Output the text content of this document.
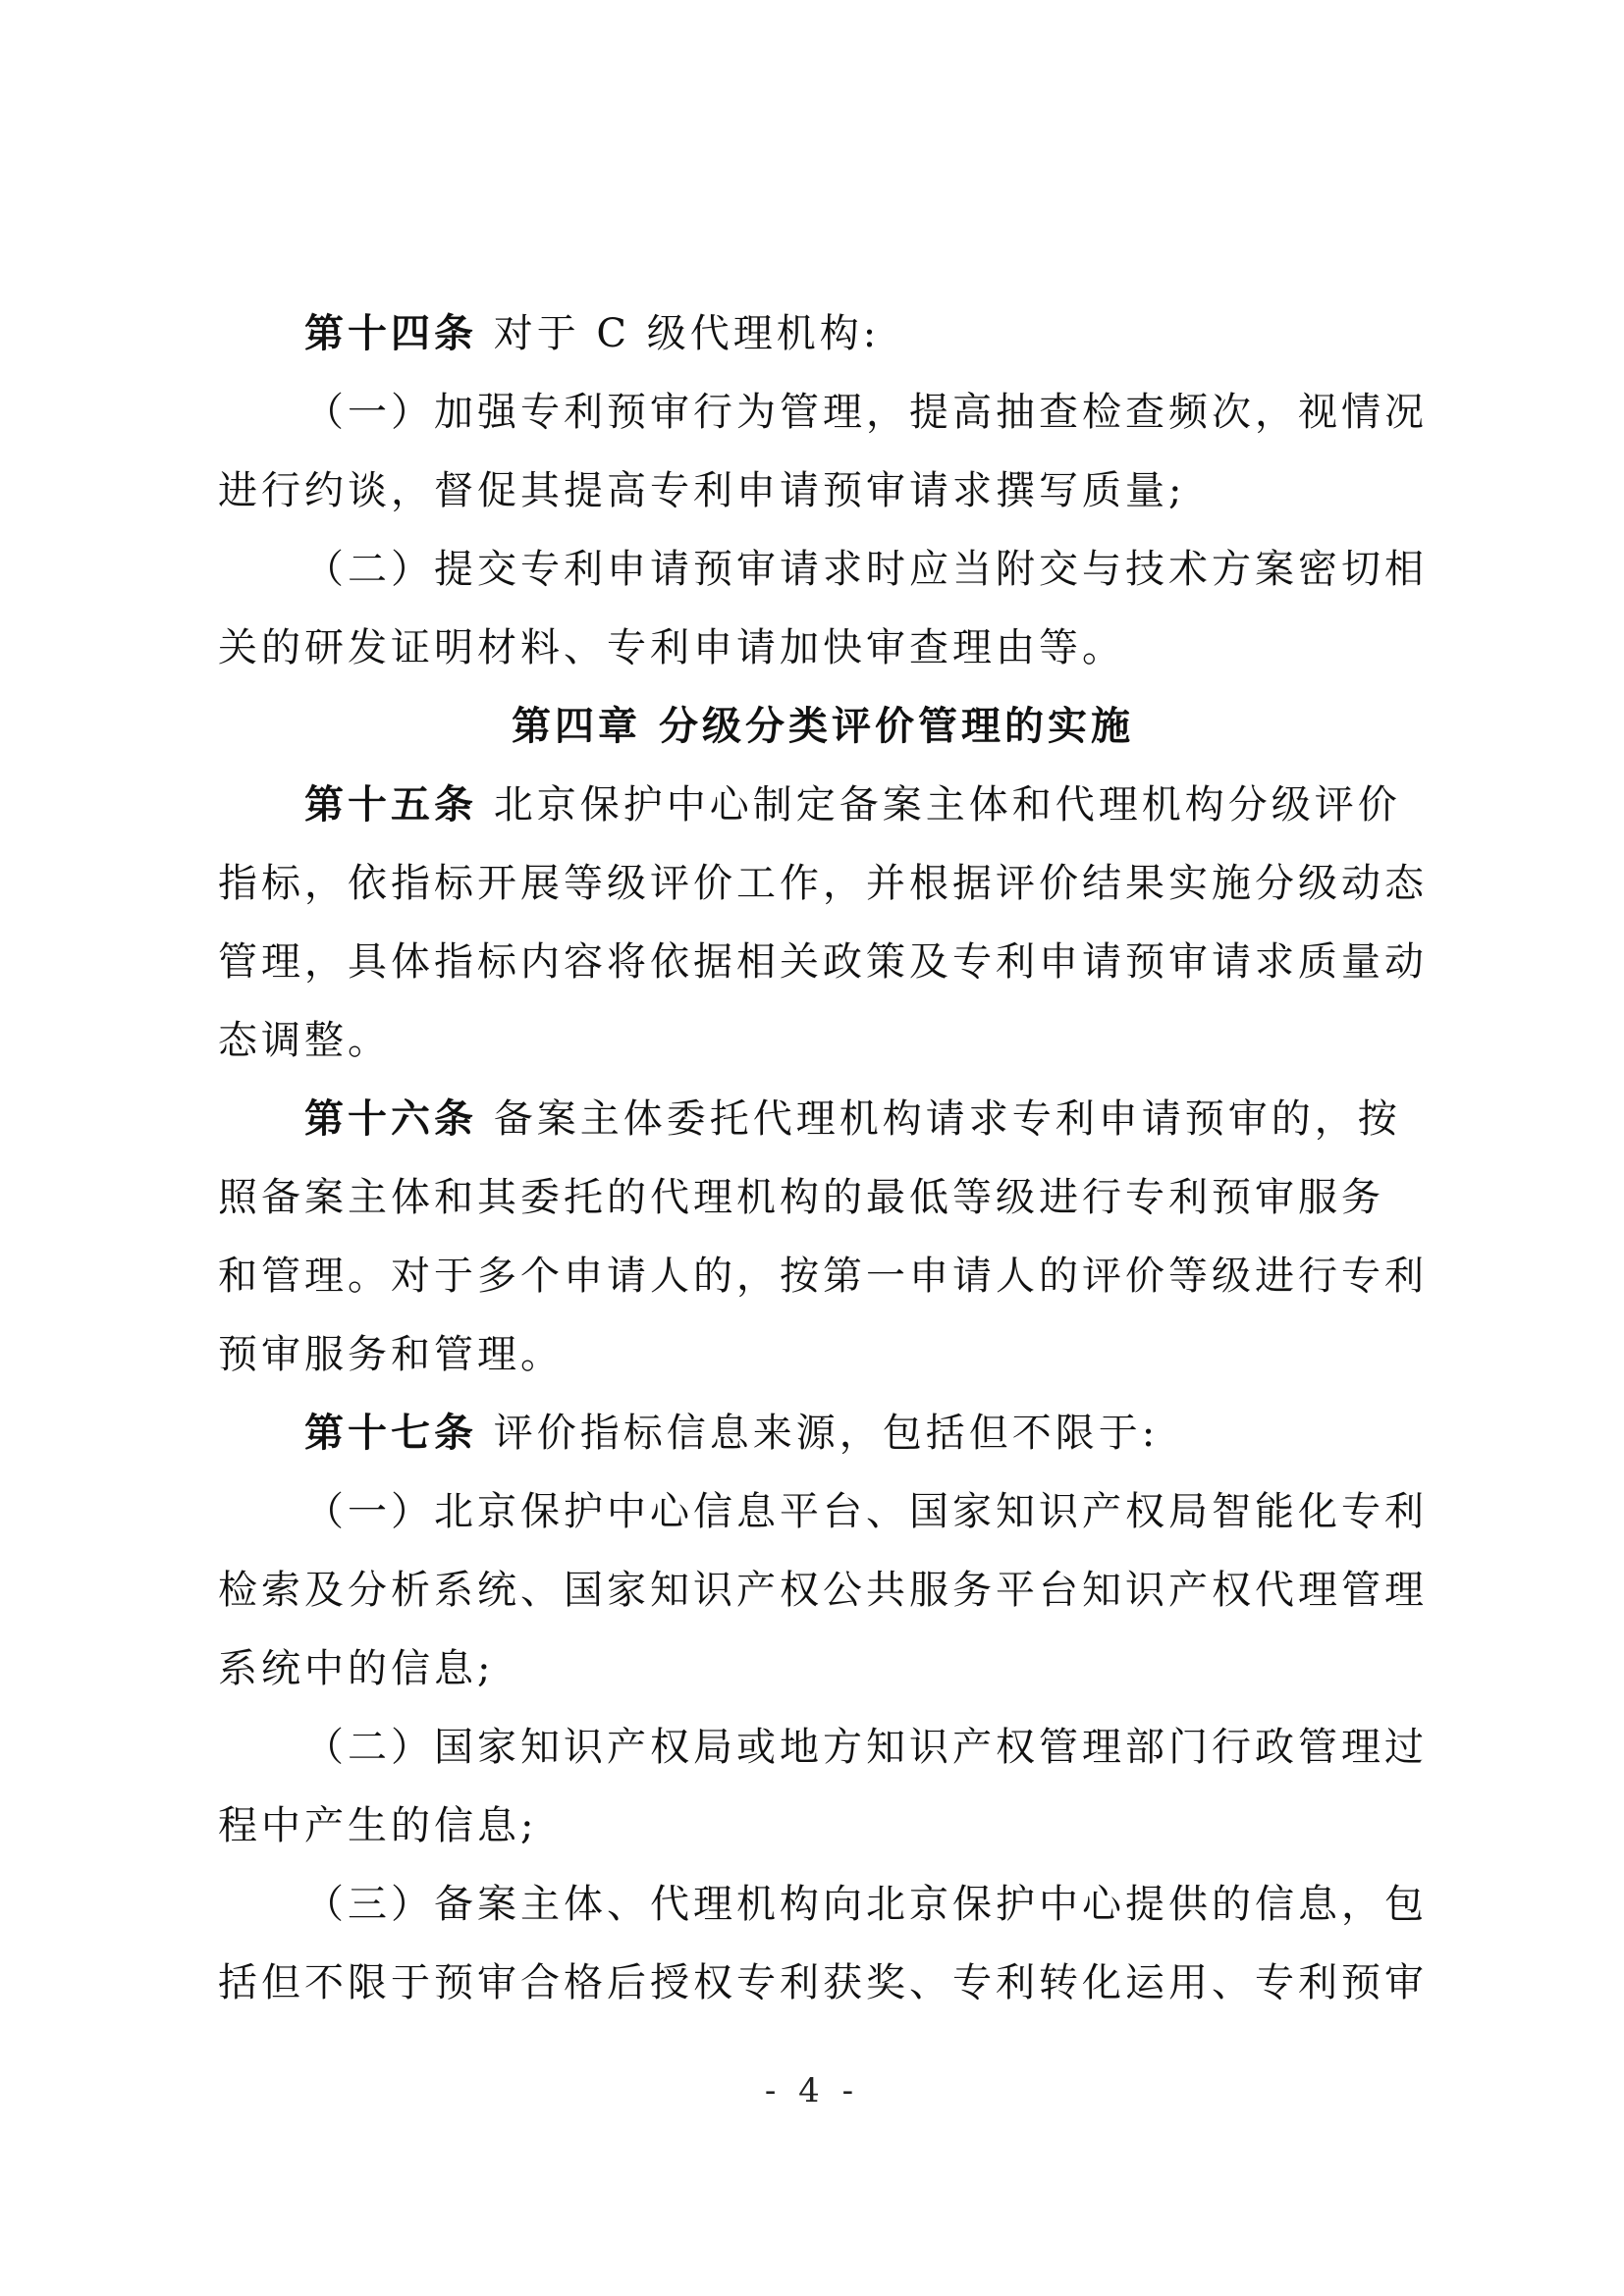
第十四条 对于 C 级代理机构:
（一）加强专利预审行为管理，提高抽查检查频次，视情况
进行约谈，督促其提高专利申请预审请求撰写质量;
（二）提交专利申请预审请求时应当附交与技术方案密切相
关的研发证明材料、专利申请加快审查理由等。
第四章 分级分类评价管理的实施
第十五条 北京保护中心制定备案主体和代理机构分级评价
指标，依指标开展等级评价工作，并根据评价结果实施分级动态
管理，具体指标内容将依据相关政策及专利申请预审请求质量动
态调整。
第十六条 备案主体委托代理机构请求专利申请预审的，按
照备案主体和其委托的代理机构的最低等级进行专利预审服务
和管理。对于多个申请人的，按第一申请人的评价等级进行专利
预审服务和管理。
第十七条 评价指标信息来源，包括但不限于:
（一）北京保护中心信息平台、国家知识产权局智能化专利
检索及分析系统、国家知识产权公共服务平台知识产权代理管理
系统中的信息;
（二）国家知识产权局或地方知识产权管理部门行政管理过
程中产生的信息;
（三）备案主体、代理机构向北京保护中心提供的信息，包
括但不限于预审合格后授权专利获奖、专利转化运用、专利预审
- 4 -
